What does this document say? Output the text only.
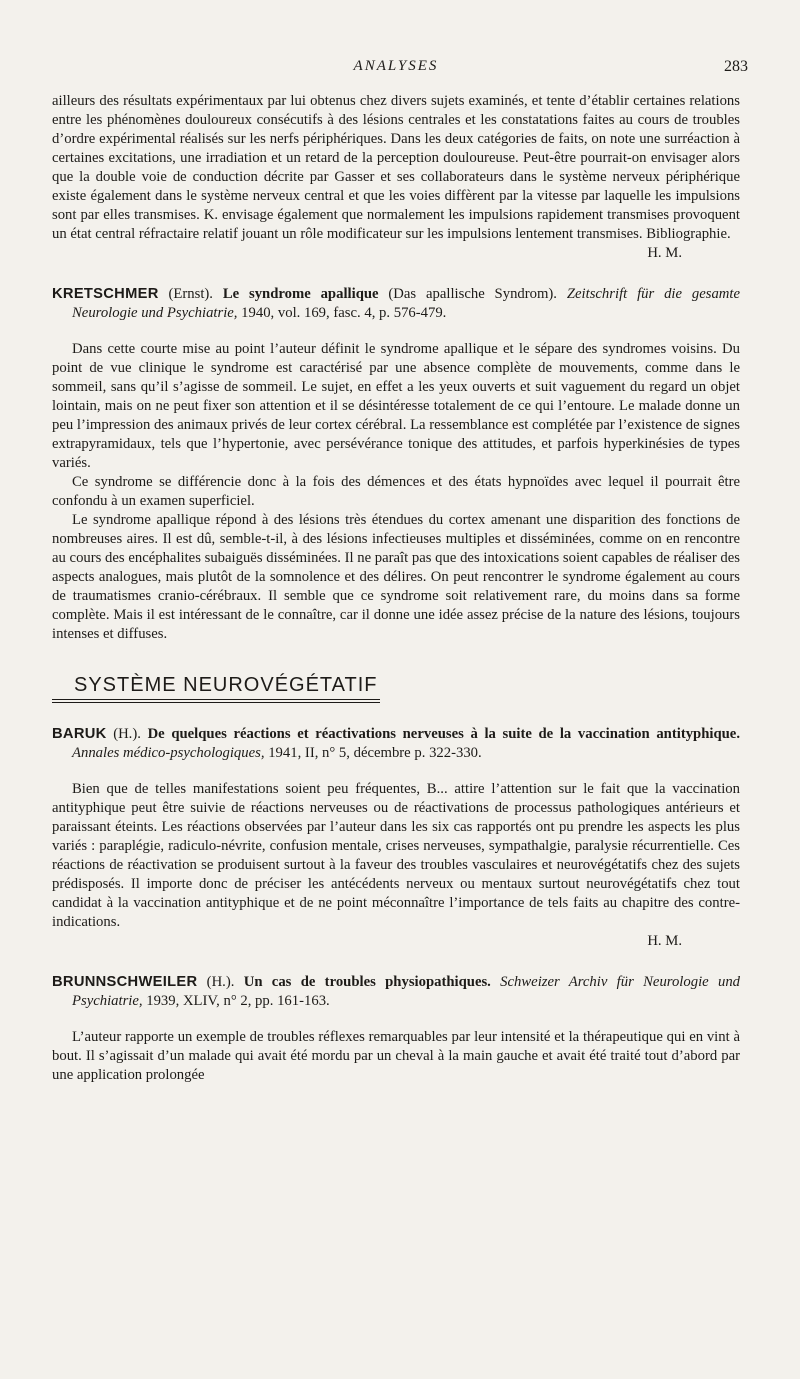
ANALYSES	283

ailleurs des résultats expérimentaux par lui obtenus chez divers sujets examinés, et tente d’établir certaines relations entre les phénomènes douloureux consécutifs à des lésions centrales et les constatations faites au cours de troubles d’ordre expérimental réalisés sur les nerfs périphériques. Dans les deux catégories de faits, on note une surréaction à certaines excitations, une irradiation et un retard de la perception douloureuse. Peut-être pourrait-on envisager alors que la double voie de conduction décrite par Gasser et ses collaborateurs dans le système nerveux périphérique existe également dans le système nerveux central et que les voies diffèrent par la vitesse par laquelle les impulsions sont par elles transmises. K. envisage également que normalement les impulsions rapidement transmises provoquent un état central réfractaire relatif jouant un rôle modificateur sur les impulsions lentement transmises. Bibliographie.

H. M.
KRETSCHMER (Ernst). Le syndrome apallique (Das apallische Syndrom). Zeitschrift für die gesamte Neurologie und Psychiatrie, 1940, vol. 169, fasc. 4, p. 576-479.

Dans cette courte mise au point l’auteur définit le syndrome apallique et le sépare des syndromes voisins. Du point de vue clinique le syndrome est caractérisé par une absence complète de mouvements, comme dans le sommeil, sans qu’il s’agisse de sommeil. Le sujet, en effet a les yeux ouverts et suit vaguement du regard un objet lointain, mais on ne peut fixer son attention et il se désintéresse totalement de ce qui l’entoure. Le malade donne un peu l’impression des animaux privés de leur cortex cérébral. La ressemblance est complétée par l’existence de signes extrapyramidaux, tels que l’hypertonie, avec persévérance tonique des attitudes, et parfois hyperkinésies de types variés.

Ce syndrome se différencie donc à la fois des démences et des états hypnoïdes avec lequel il pourrait être confondu à un examen superficiel.

Le syndrome apallique répond à des lésions très étendues du cortex amenant une disparition des fonctions de nombreuses aires. Il est dû, semble-t-il, à des lésions infectieuses multiples et disséminées, comme on en rencontre au cours des encéphalites subaiguës disséminées. Il ne paraît pas que des intoxications soient capables de réaliser des aspects analogues, mais plutôt de la somnolence et des délires. On peut rencontrer le syndrome également au cours de traumatismes cranio-cérébraux. Il semble que ce syndrome soit relativement rare, du moins dans sa forme complète. Mais il est intéressant de le connaître, car il donne une idée assez précise de la nature des lésions, toujours intenses et diffuses.

SYSTÈME NEUROVÉGÉTATIF
BARUK (H.). De quelques réactions et réactivations nerveuses à la suite de la vaccination antityphique. Annales médico-psychologiques, 1941, II, n° 5, décembre p. 322-330.

Bien que de telles manifestations soient peu fréquentes, B... attire l’attention sur le fait que la vaccination antityphique peut être suivie de réactions nerveuses ou de réactivations de processus pathologiques antérieurs et paraissant éteints. Les réactions observées par l’auteur dans les six cas rapportés ont pu prendre les aspects les plus variés : paraplégie, radiculo-névrite, confusion mentale, crises nerveuses, sympathalgie, paralysie récurrentielle. Ces réactions de réactivation se produisent surtout à la faveur des troubles vasculaires et neurovégétatifs chez des sujets prédisposés. Il importe donc de préciser les antécédents nerveux ou mentaux surtout neurovégétatifs chez tout candidat à la vaccination antityphique et de ne point méconnaître l’importance de tels faits au chapitre des contre-indications.

H. M.
BRUNNSCHWEILER (H.). Un cas de troubles physiopathiques. Schweizer Archiv für Neurologie und Psychiatrie, 1939, XLIV, n° 2, pp. 161-163.

L’auteur rapporte un exemple de troubles réflexes remarquables par leur intensité et la thérapeutique qui en vint à bout. Il s’agissait d’un malade qui avait été mordu par un cheval à la main gauche et avait été traité tout d’abord par une application prolongée
